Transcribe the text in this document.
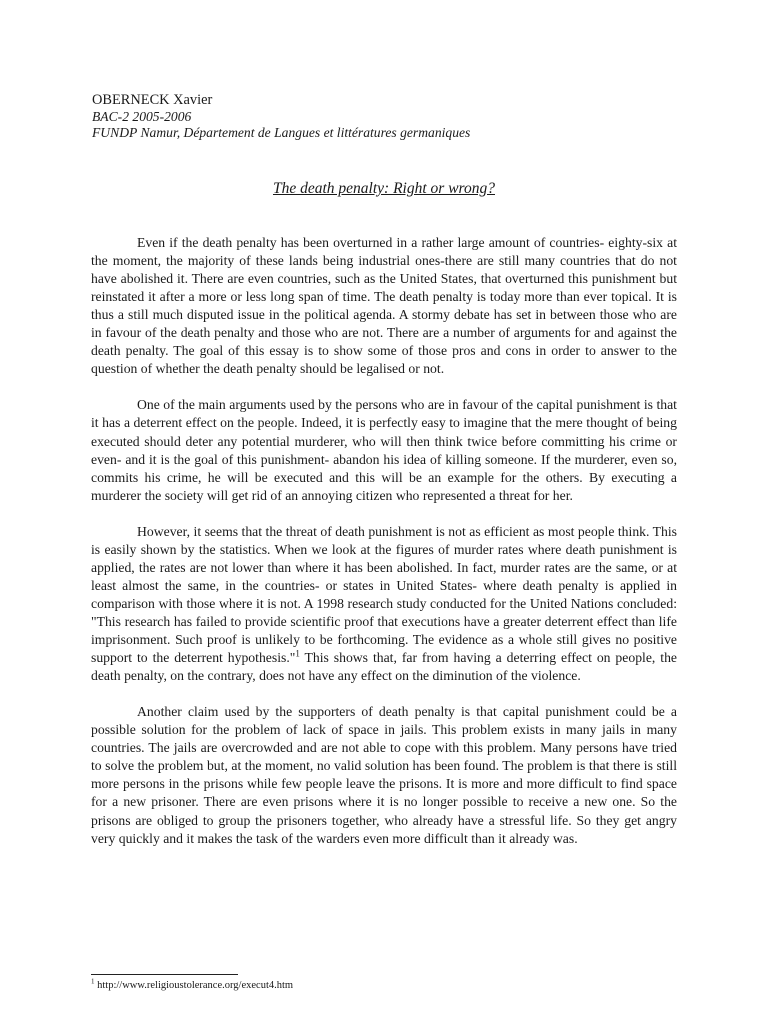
OBERNECK Xavier
BAC-2 2005-2006
FUNDP Namur, Département de Langues et littératures germaniques
The death penalty: Right or wrong?

Even if the death penalty has been overturned in a rather large amount of countries- eighty-six at the moment, the majority of these lands being industrial ones-there are still many countries that do not have abolished it. There are even countries, such as the United States, that overturned this punishment but reinstated it after a more or less long span of time. The death penalty is today more than ever topical. It is thus a still much disputed issue in the political agenda. A stormy debate has set in between those who are in favour of the death penalty and those who are not. There are a number of arguments for and against the death penalty. The goal of this essay is to show some of those pros and cons in order to answer to the question of whether the death penalty should be legalised or not.

One of the main arguments used by the persons who are in favour of the capital punishment is that it has a deterrent effect on the people. Indeed, it is perfectly easy to imagine that the mere thought of being executed should deter any potential murderer, who will then think twice before committing his crime or even- and it is the goal of this punishment- abandon his idea of killing someone. If the murderer, even so, commits his crime, he will be executed and this will be an example for the others. By executing a murderer the society will get rid of an annoying citizen who represented a threat for her.

However, it seems that the threat of death punishment is not as efficient as most people think. This is easily shown by the statistics. When we look at the figures of murder rates where death punishment is applied, the rates are not lower than where it has been abolished. In fact, murder rates are the same, or at least almost the same, in the countries- or states in United States- where death penalty is applied in comparison with those where it is not. A 1998 research study conducted for the United Nations concluded: "This research has failed to provide scientific proof that executions have a greater deterrent effect than life imprisonment. Such proof is unlikely to be forthcoming. The evidence as a whole still gives no positive support to the deterrent hypothesis."$^1$ This shows that, far from having a deterring effect on people, the death penalty, on the contrary, does not have any effect on the diminution of the violence.

Another claim used by the supporters of death penalty is that capital punishment could be a possible solution for the problem of lack of space in jails. This problem exists in many jails in many countries. The jails are overcrowded and are not able to cope with this problem. Many persons have tried to solve the problem but, at the moment, no valid solution has been found. The problem is that there is still more persons in the prisons while few people leave the prisons. It is more and more difficult to find space for a new prisoner. There are even prisons where it is no longer possible to receive a new one. So the prisons are obliged to group the prisoners together, who already have a stressful life. So they get angry very quickly and it makes the task of the warders even more difficult than it already was.

$^1$ http://www.religioustolerance.org/execut4.htm
